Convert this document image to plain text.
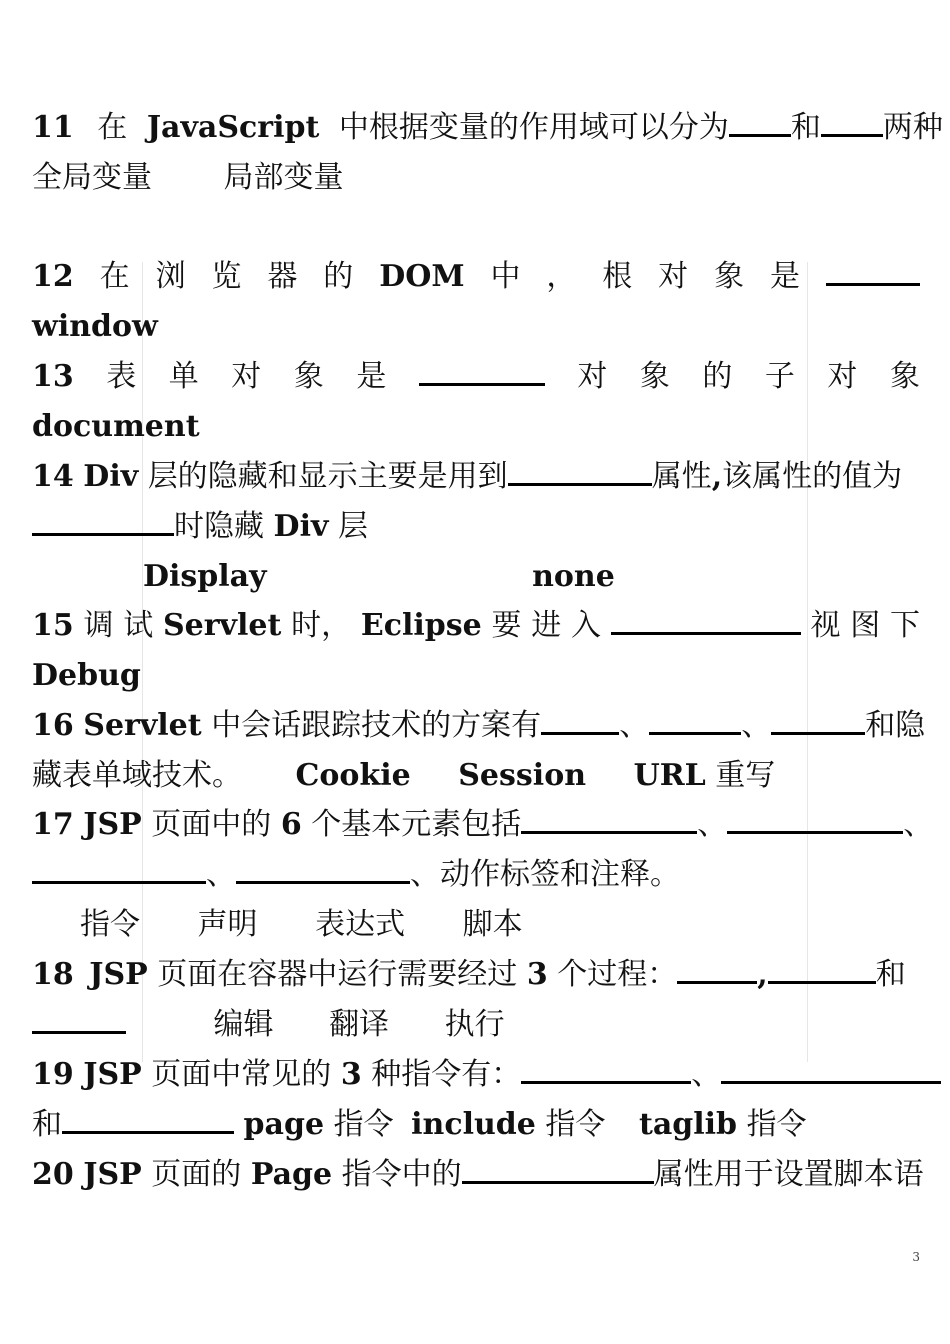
11 在 JavaScript 中根据变量的作用域可以分为 和 两种
全局变量 局部变量
12 在 浏 览 器 的 DOM 中 ， 根 对 象 是
window
13 表 单 对 象 是	对 象 的 子 对 象
document
14 Div 层的隐藏和显示主要是用到	属性,该属性的值为
时隐藏 Div 层
Display	none
15 调 试 Servlet 时， Eclipse 要 进 入	视 图 下
Debug
16 Servlet 中会话跟踪技术的方案有	、	、	和隐
藏表单域技术。 Cookie Session URL 重写
17 JSP 页面中的 6 个基本元素包括	、	、
、	、动作标签和注释。
指令 声明 表达式 脚本
18 JSP 页面在容器中运行需要经过 3 个过程：	,	和
编辑 翻译 执行
19 JSP 页面中常见的 3 种指令有：	、
和	page 指令 include 指令 taglib 指令
20 JSP 页面的 Page 指令中的	属性用于设置脚本语
3
